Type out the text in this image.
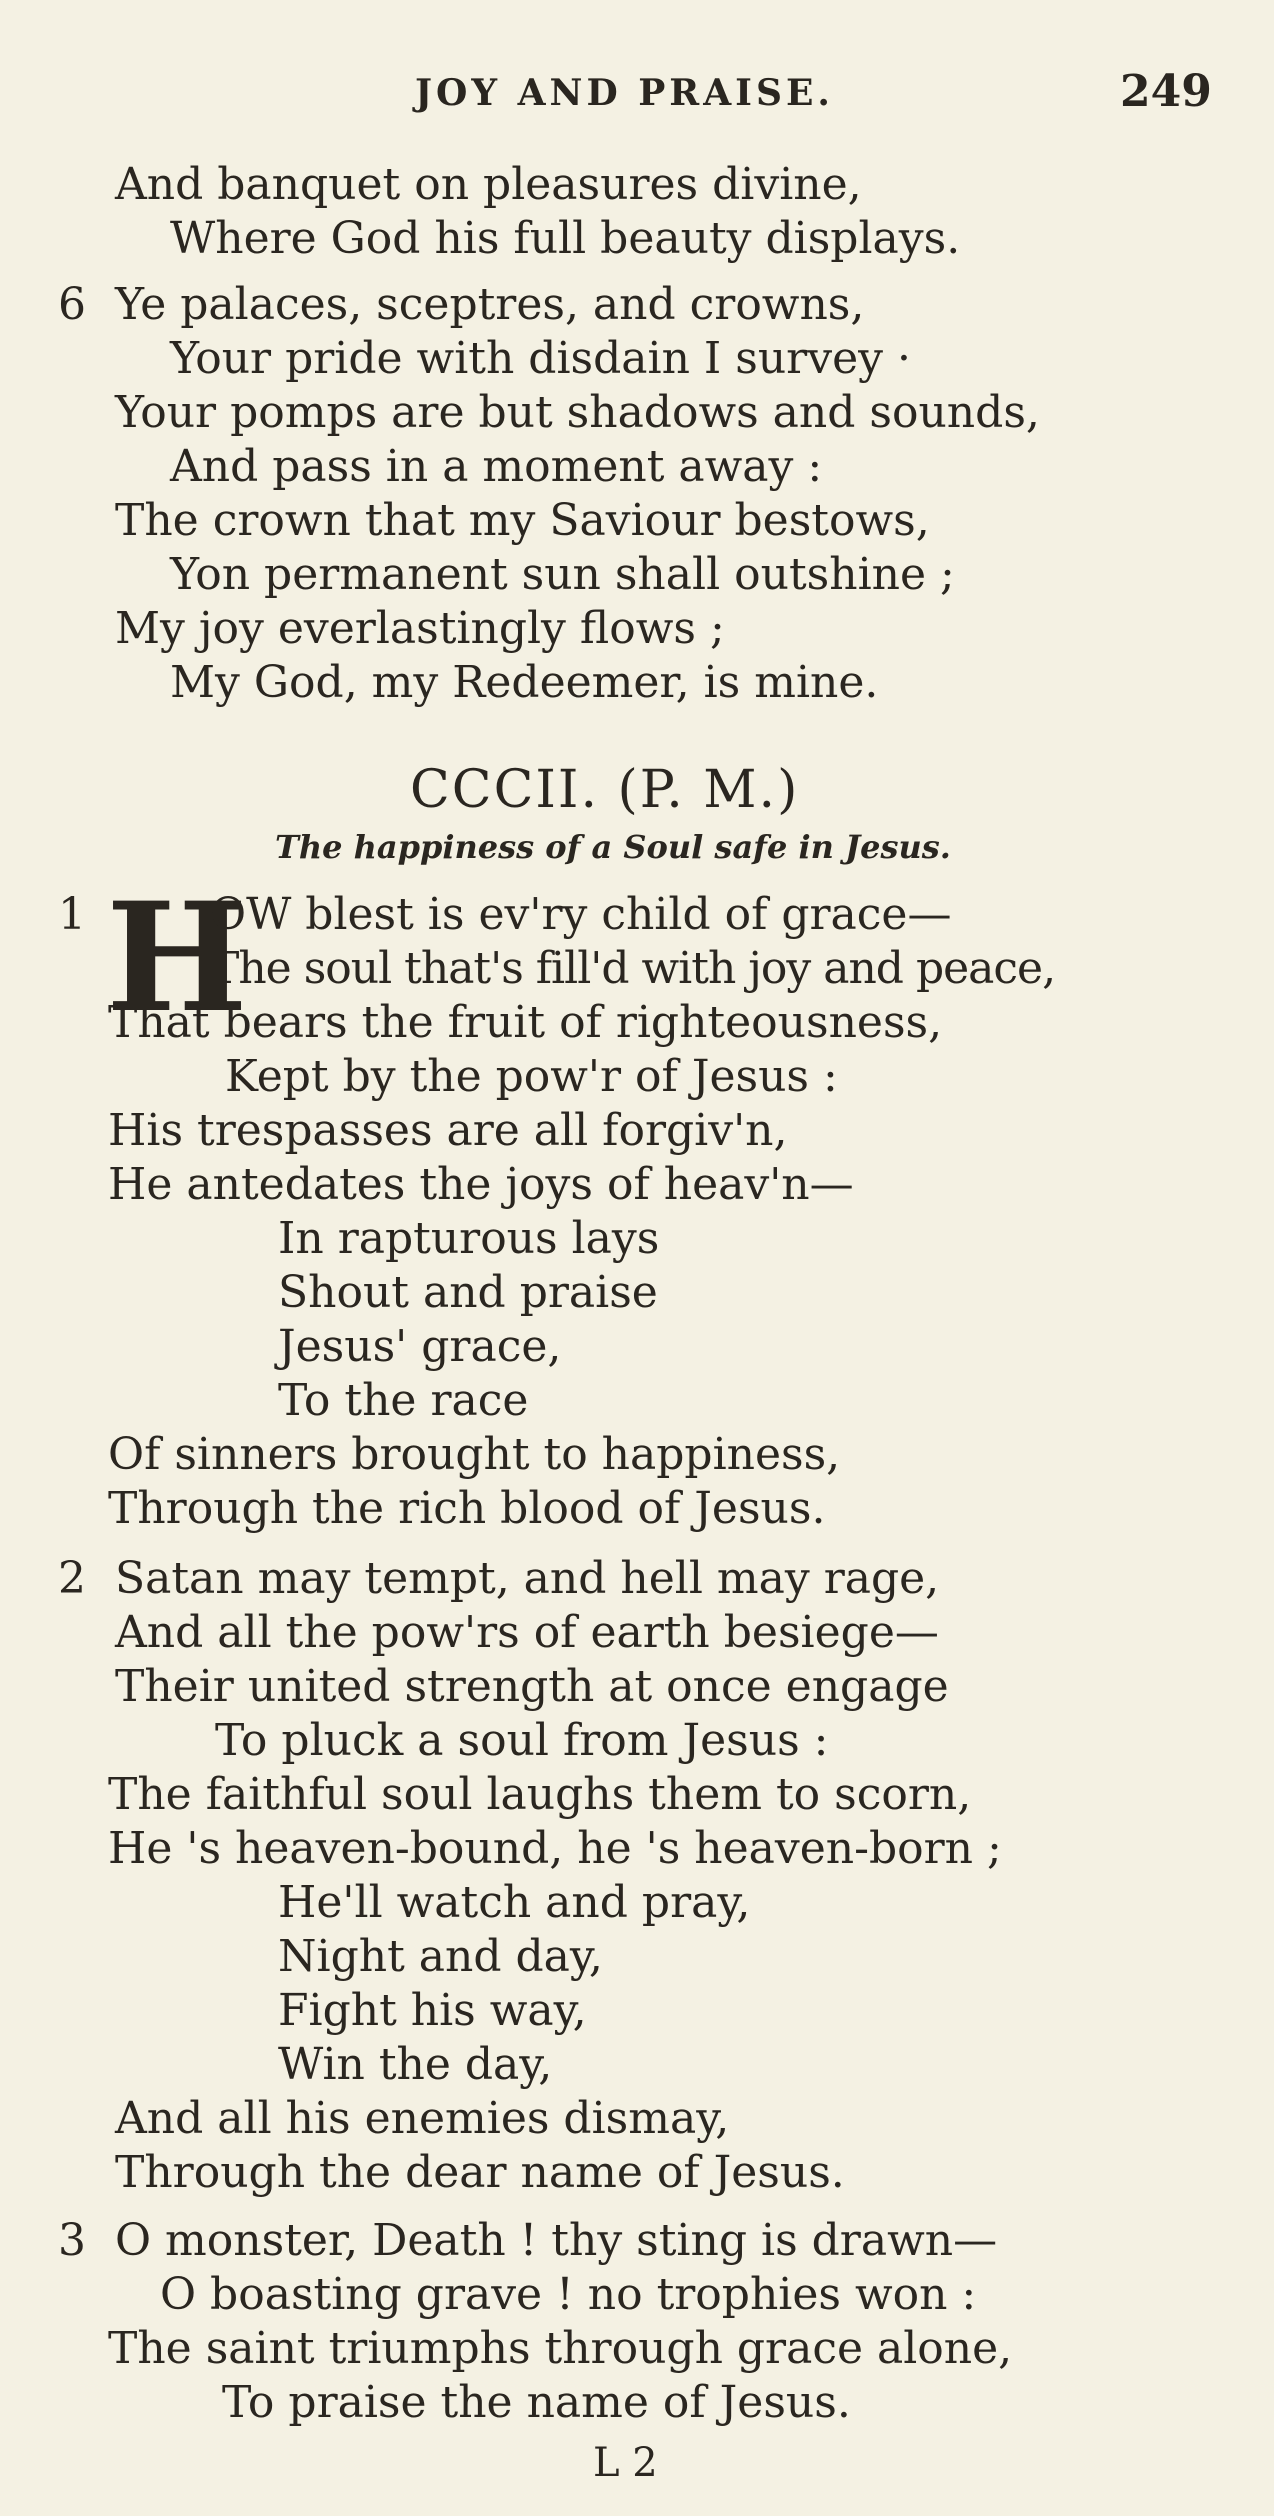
JOY AND PRAISE.	249
And banquet on pleasures divine,
Where God his full beauty displays.
6 Ye palaces, sceptres, and crowns,
Your pride with disdain I survey ·
Your pomps are but shadows and sounds,
And pass in a moment away :
The crown that my Saviour bestows,
Yon permanent sun shall outshine ;
My joy everlastingly flows ;
My God, my Redeemer, is mine.
CCCII. (P. M.)
The happiness of a Soul safe in Jesus.
1 H
OW blest is ev'ry child of grace—
The soul that's fill'd with joy and peace,
That bears the fruit of righteousness,
Kept by the pow'r of Jesus :
His trespasses are all forgiv'n,
He antedates the joys of heav'n—
In rapturous lays
Shout and praise
Jesus' grace,
To the race
Of sinners brought to happiness,
Through the rich blood of Jesus.
2 Satan may tempt, and hell may rage,
And all the pow'rs of earth besiege—
Their united strength at once engage
To pluck a soul from Jesus :
The faithful soul laughs them to scorn,
He 's heaven-bound, he 's heaven-born ;
He'll watch and pray,
Night and day,
Fight his way,
Win the day,
And all his enemies dismay,
Through the dear name of Jesus.
3 O monster, Death ! thy sting is drawn—
O boasting grave ! no trophies won :
The saint triumphs through grace alone,
To praise the name of Jesus.
L 2
